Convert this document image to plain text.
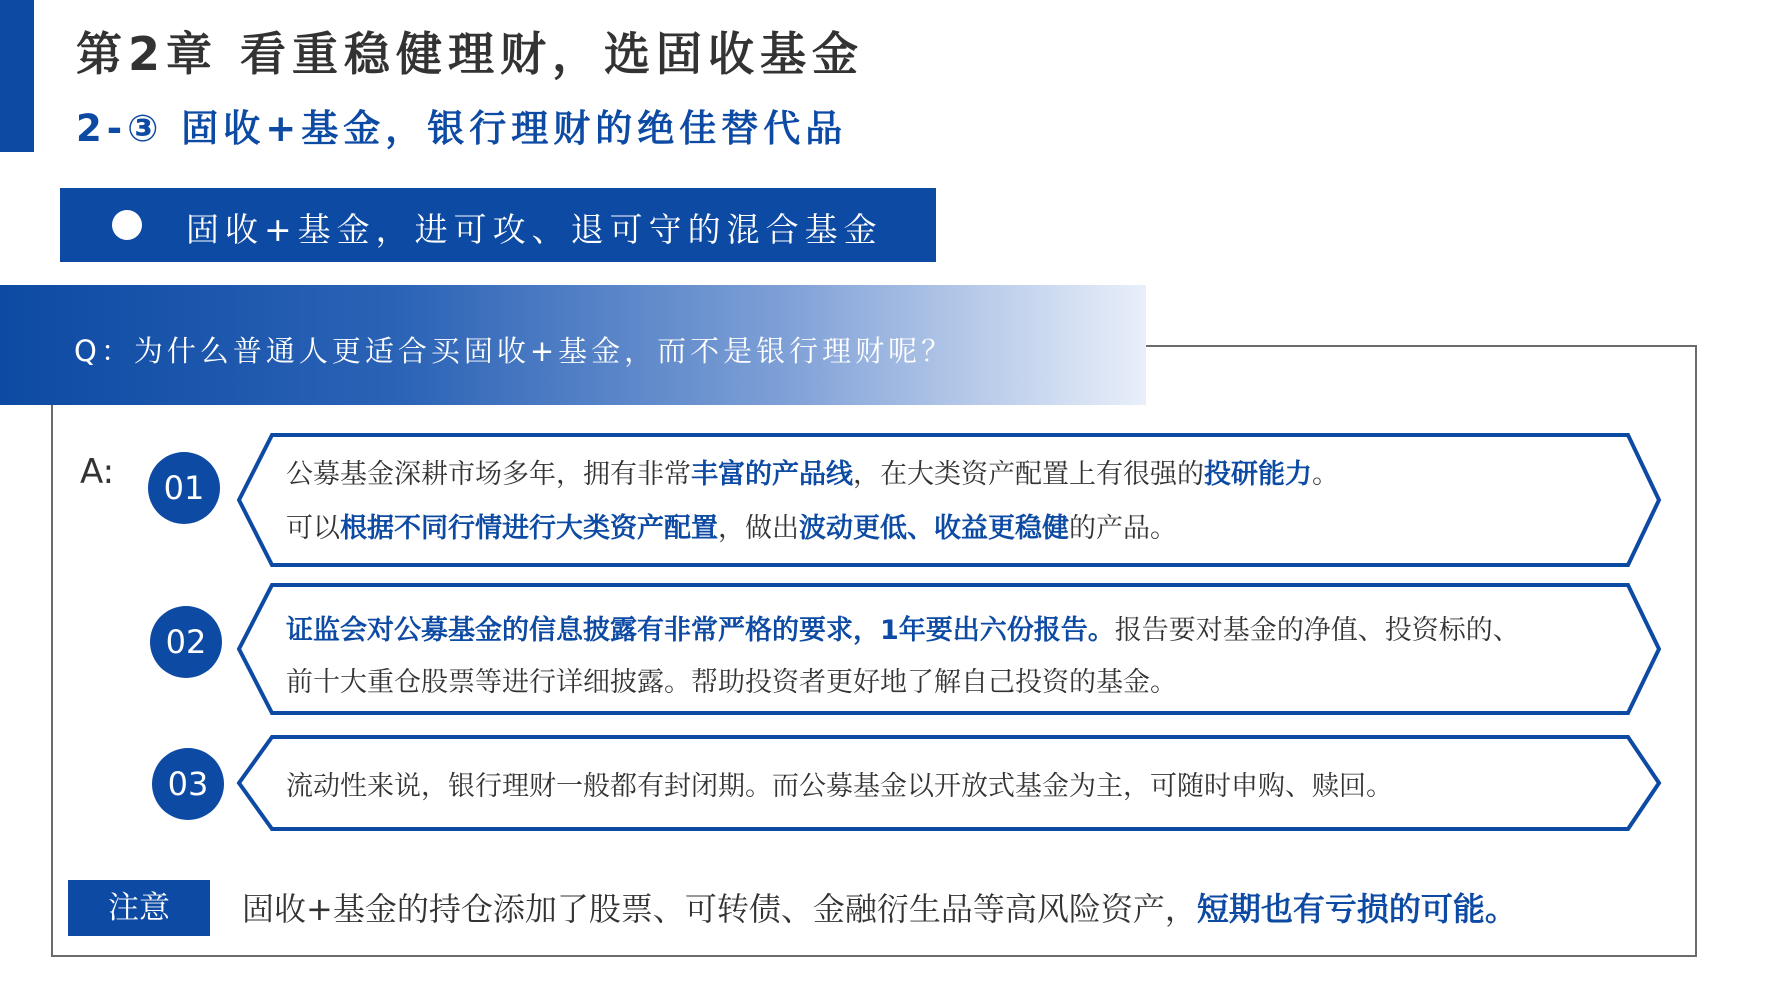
第2章 看重稳健理财，选固收基金
2-③ 固收+基金，银行理财的绝佳替代品
固收+基金，进可攻、退可守的混合基金
Q：为什么普通人更适合买固收+基金，而不是银行理财呢？
A:	01	公募基金深耕市场多年，拥有非常丰富的产品线，在大类资产配置上有很强的投研能力。
可以根据不同行情进行大类资产配置，做出波动更低、收益更稳健的产品。
02	证监会对公募基金的信息披露有非常严格的要求，1年要出六份报告。报告要对基金的净值、投资标的、
前十大重仓股票等进行详细披露。帮助投资者更好地了解自己投资的基金。
03	流动性来说，银行理财一般都有封闭期。而公募基金以开放式基金为主，可随时申购、赎回。
注意	固收+基金的持仓添加了股票、可转债、金融衍生品等高风险资产，短期也有亏损的可能。
